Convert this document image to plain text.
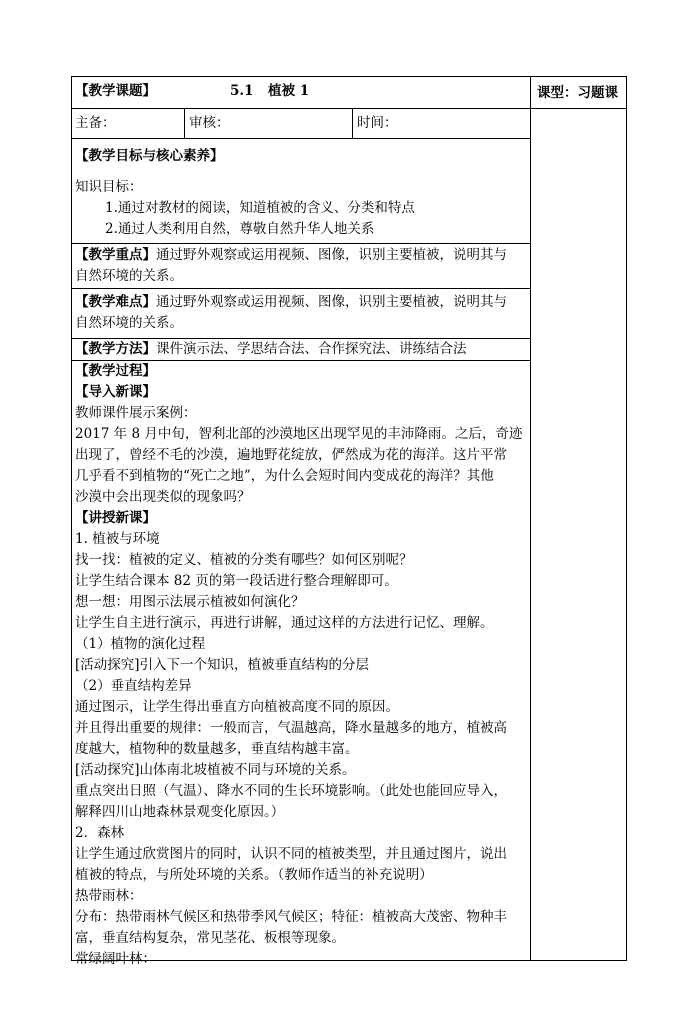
【教学课题】	5.1 植被 1	课型：习题课
主备：	审核：	时间：
【教学目标与核心素养】
知识目标：
1.通过对教材的阅读，知道植被的含义、分类和特点
2.通过人类利用自然，尊敬自然升华人地关系
【教学重点】通过野外观察或运用视频、图像，识别主要植被，说明其与
自然环境的关系。
【教学难点】通过野外观察或运用视频、图像，识别主要植被，说明其与
自然环境的关系。
【教学方法】课件演示法、学思结合法、合作探究法、讲练结合法
【教学过程】
【导入新课】
教师课件展示案例：
2017 年 8 月中旬，智利北部的沙漠地区出现罕见的丰沛降雨。之后，奇迹
出现了，曾经不毛的沙漠，遍地野花绽放，俨然成为花的海洋。这片平常
几乎看不到植物的“死亡之地”，为什么会短时间内变成花的海洋？其他
沙漠中会出现类似的现象吗？
【讲授新课】
1. 植被与环境
找一找：植被的定义、植被的分类有哪些？如何区别呢？
让学生结合课本 82 页的第一段话进行整合理解即可。
想一想：用图示法展示植被如何演化？
让学生自主进行演示，再进行讲解，通过这样的方法进行记忆、理解。
（1）植物的演化过程
[活动探究]引入下一个知识，植被垂直结构的分层
（2）垂直结构差异
通过图示，让学生得出垂直方向植被高度不同的原因。
并且得出重要的规律：一般而言，气温越高，降水量越多的地方，植被高
度越大，植物种的数量越多，垂直结构越丰富。
[活动探究]山体南北坡植被不同与环境的关系。
重点突出日照（气温）、降水不同的生长环境影响。（此处也能回应导入，
解释四川山地森林景观变化原因。）
2．森林
让学生通过欣赏图片的同时，认识不同的植被类型，并且通过图片，说出
植被的特点，与所处环境的关系。（教师作适当的补充说明）
热带雨林：
分布：热带雨林气候区和热带季风气候区；特征：植被高大茂密、物种丰
富，垂直结构复杂，常见茎花、板根等现象。
常绿阔叶林：
